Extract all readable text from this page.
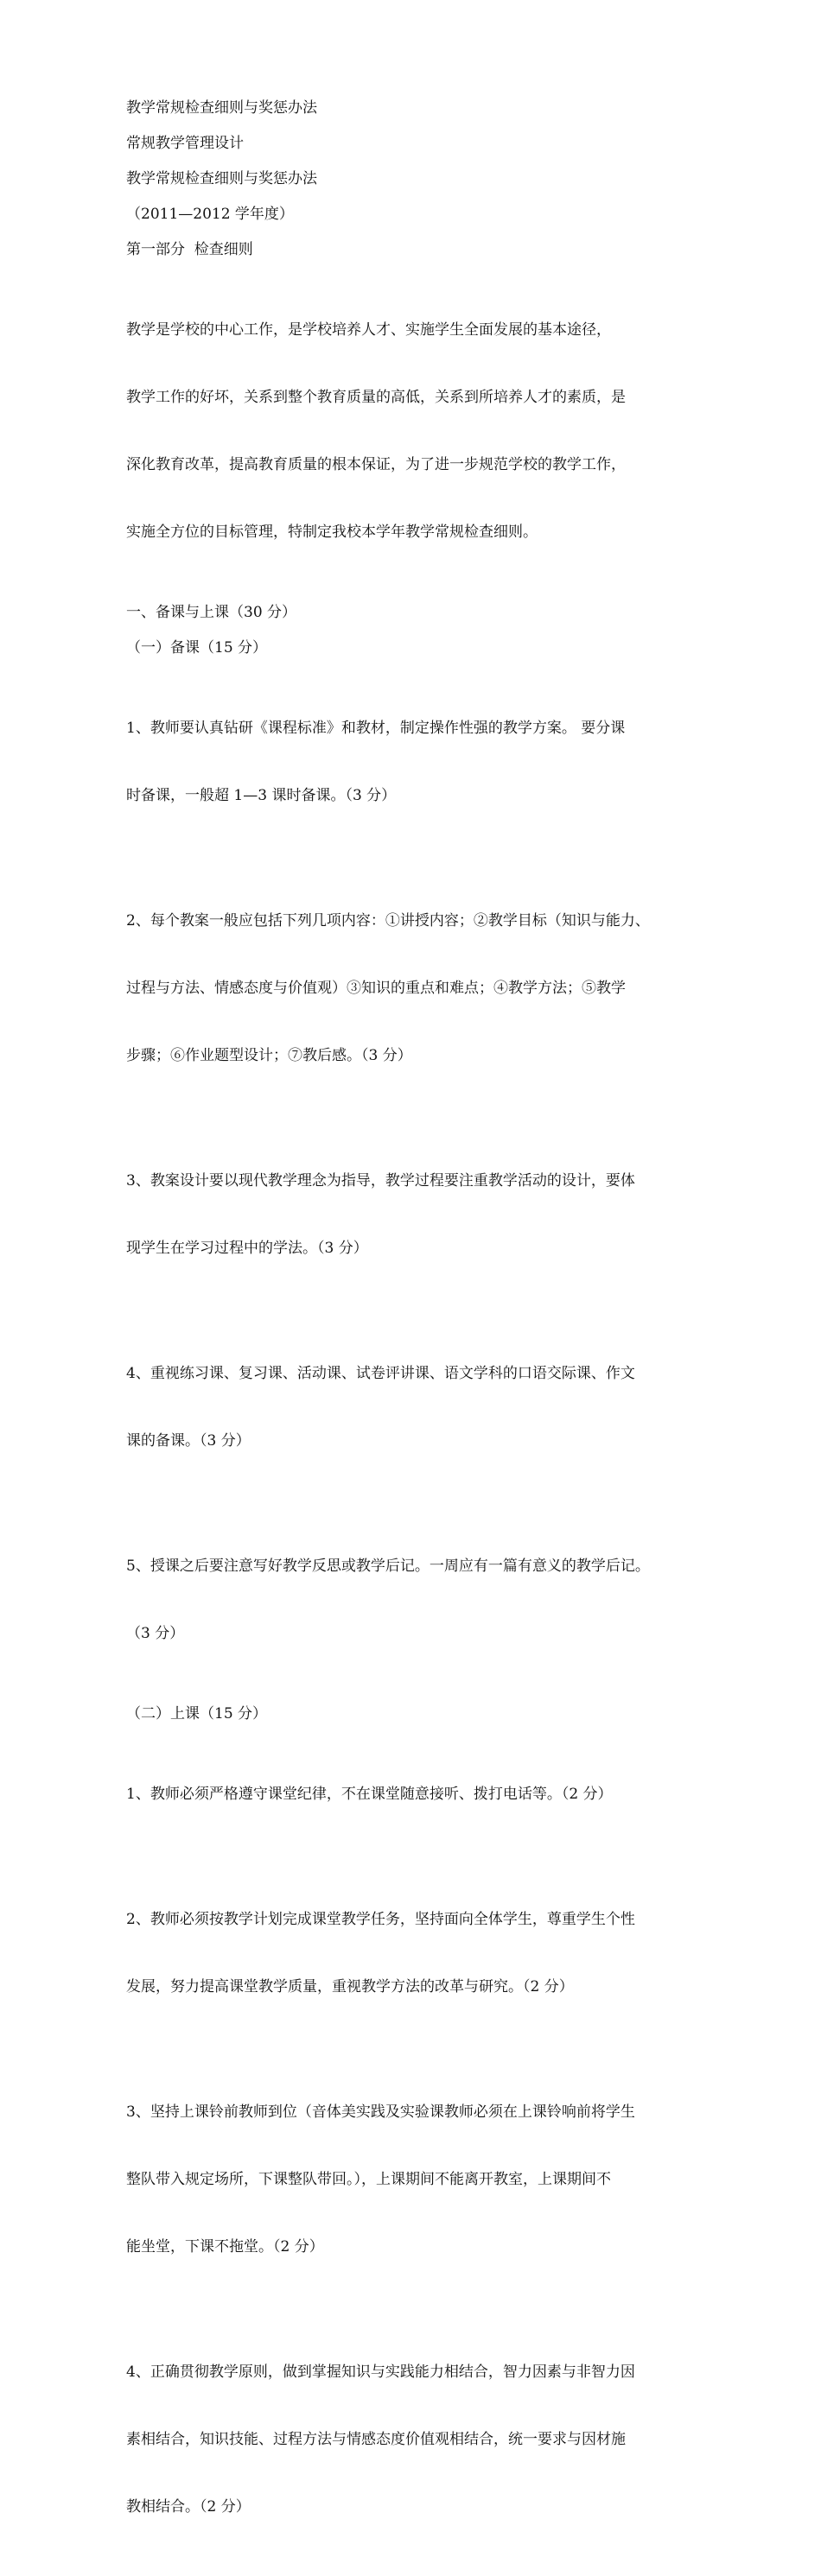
教学常规检查细则与奖惩办法

常规教学管理设计

教学常规检查细则与奖惩办法

（2011—2012 学年度）

第一部分  检查细则

教学是学校的中心工作，是学校培养人才、实施学生全面发展的基本途径，

教学工作的好坏，关系到整个教育质量的高低，关系到所培养人才的素质，是

深化教育改革，提高教育质量的根本保证，为了进一步规范学校的教学工作，

实施全方位的目标管理，特制定我校本学年教学常规检查细则。

一、备课与上课（30 分）

（一）备课（15 分）

1、教师要认真钻研《课程标准》和教材，制定操作性强的教学方案。 要分课

时备课，一般超 1—3 课时备课。（3 分）

2、每个教案一般应包括下列几项内容：①讲授内容；②教学目标（知识与能力、

过程与方法、情感态度与价值观）③知识的重点和难点；④教学方法；⑤教学

步骤；⑥作业题型设计；⑦教后感。（3 分）

3、教案设计要以现代教学理念为指导，教学过程要注重教学活动的设计，要体

现学生在学习过程中的学法。（3 分）

4、重视练习课、复习课、活动课、试卷评讲课、语文学科的口语交际课、作文

课的备课。（3 分）

5、授课之后要注意写好教学反思或教学后记。一周应有一篇有意义的教学后记。

（3 分）

（二）上课（15 分）

1、教师必须严格遵守课堂纪律，不在课堂随意接听、拨打电话等。（2 分）

2、教师必须按教学计划完成课堂教学任务，坚持面向全体学生，尊重学生个性

发展，努力提高课堂教学质量，重视教学方法的改革与研究。（2 分）

3、坚持上课铃前教师到位（音体美实践及实验课教师必须在上课铃响前将学生

整队带入规定场所，下课整队带回。），上课期间不能离开教室，上课期间不

能坐堂，下课不拖堂。（2 分）

4、正确贯彻教学原则，做到掌握知识与实践能力相结合，智力因素与非智力因

素相结合，知识技能、过程方法与情感态度价值观相结合，统一要求与因材施

教相结合。（2 分）
